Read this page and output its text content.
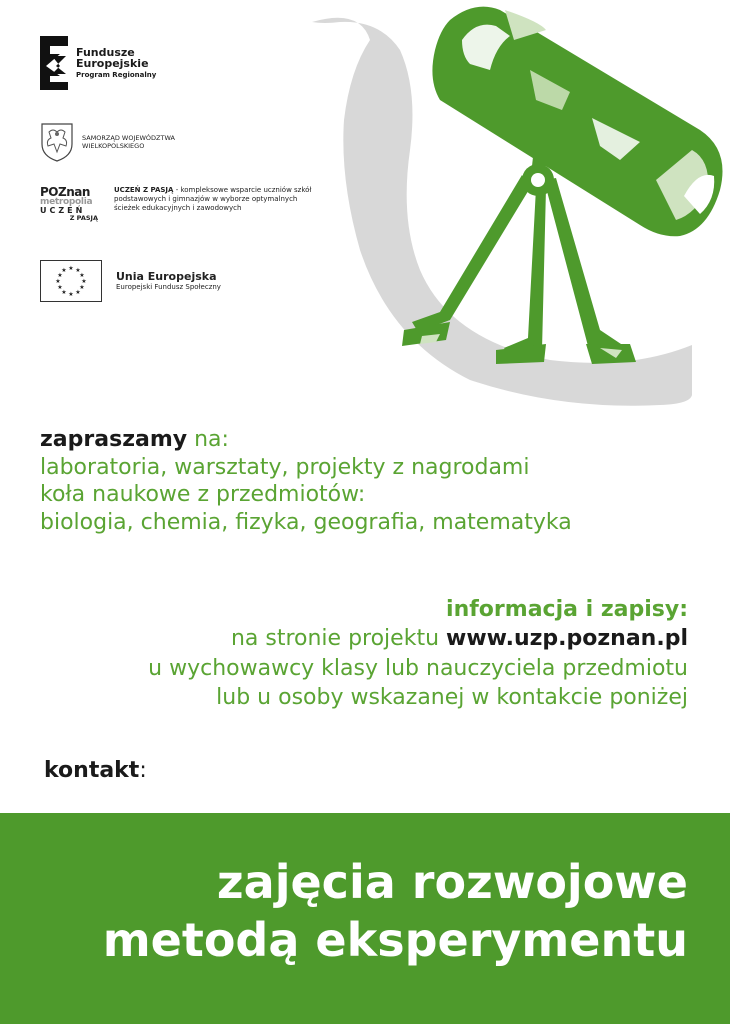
Fundusze
Europejskie
Program Regionalny
SAMORZĄD WOJEWÓDZTWA
WIELKOPOLSKIEGO
POZnan
metropolia
UCZEŃ
Z PASJĄ
UCZEŃ Z PASJĄ - kompleksowe wsparcie uczniów szkół podstawowych i gimnazjów w wyborze optymalnych ścieżek edukacyjnych i zawodowych
★ ★
★
★
★
★
★
★
★
★
★
★	Unia Europejska
Europejski Fundusz Społeczny
zapraszamy na:
laboratoria, warsztaty, projekty z nagrodami
koła naukowe z przedmiotów:
biologia, chemia, fizyka, geografia, matematyka
informacja i zapisy:
na stronie projektu www.uzp.poznan.pl
u wychowawcy klasy lub nauczyciela przedmiotu
lub u osoby wskazanej w kontakcie poniżej
kontakt:
zajęcia rozwojowe
metodą eksperymentu
